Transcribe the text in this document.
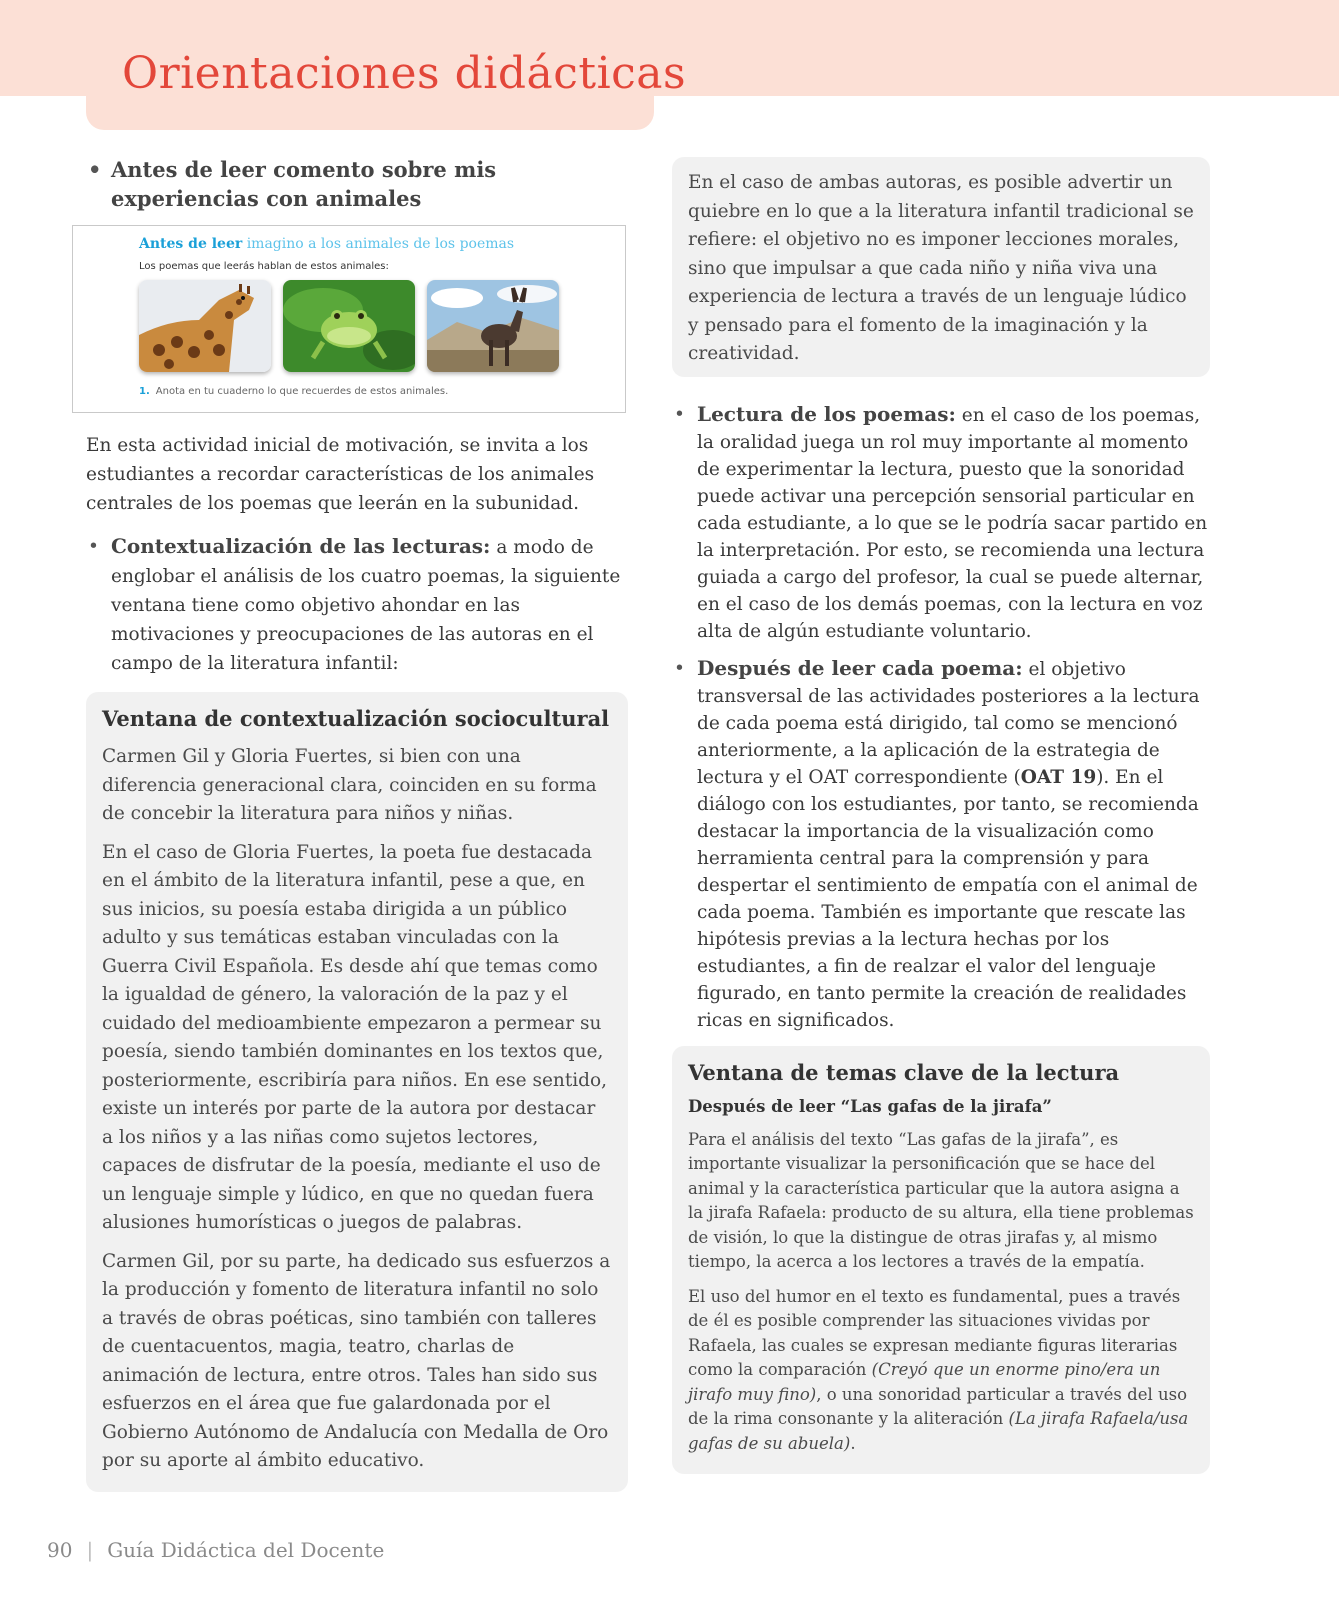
Orientaciones didácticas

• Antes de leer comento sobre mis experiencias con animales

Antes de leer imagino a los animales de los poemas
Los poemas que leerás hablan de estos animales:
1. Anota en tu cuaderno lo que recuerdes de estos animales.

En esta actividad inicial de motivación, se invita a los estudiantes a recordar características de los animales centrales de los poemas que leerán en la subunidad.

• Contextualización de las lecturas: a modo de englobar el análisis de los cuatro poemas, la siguiente ventana tiene como objetivo ahondar en las motivaciones y preocupaciones de las autoras en el campo de la literatura infantil:

Ventana de contextualización sociocultural

Carmen Gil y Gloria Fuertes, si bien con una diferencia generacional clara, coinciden en su forma de concebir la literatura para niños y niñas.

En el caso de Gloria Fuertes, la poeta fue destacada en el ámbito de la literatura infantil, pese a que, en sus inicios, su poesía estaba dirigida a un público adulto y sus temáticas estaban vinculadas con la Guerra Civil Española. Es desde ahí que temas como la igualdad de género, la valoración de la paz y el cuidado del medioambiente empezaron a permear su poesía, siendo también dominantes en los textos que, posteriormente, escribiría para niños. En ese sentido, existe un interés por parte de la autora por destacar a los niños y a las niñas como sujetos lectores, capaces de disfrutar de la poesía, mediante el uso de un lenguaje simple y lúdico, en que no quedan fuera alusiones humorísticas o juegos de palabras.

Carmen Gil, por su parte, ha dedicado sus esfuerzos a la producción y fomento de literatura infantil no solo a través de obras poéticas, sino también con talleres de cuentacuentos, magia, teatro, charlas de animación de lectura, entre otros. Tales han sido sus esfuerzos en el área que fue galardonada por el Gobierno Autónomo de Andalucía con Medalla de Oro por su aporte al ámbito educativo.

En el caso de ambas autoras, es posible advertir un quiebre en lo que a la literatura infantil tradicional se refiere: el objetivo no es imponer lecciones morales, sino que impulsar a que cada niño y niña viva una experiencia de lectura a través de un lenguaje lúdico y pensado para el fomento de la imaginación y la creatividad.

• Lectura de los poemas: en el caso de los poemas, la oralidad juega un rol muy importante al momento de experimentar la lectura, puesto que la sonoridad puede activar una percepción sensorial particular en cada estudiante, a lo que se le podría sacar partido en la interpretación. Por esto, se recomienda una lectura guiada a cargo del profesor, la cual se puede alternar, en el caso de los demás poemas, con la lectura en voz alta de algún estudiante voluntario.

• Después de leer cada poema: el objetivo transversal de las actividades posteriores a la lectura de cada poema está dirigido, tal como se mencionó anteriormente, a la aplicación de la estrategia de lectura y el OAT correspondiente (OAT 19). En el diálogo con los estudiantes, por tanto, se recomienda destacar la importancia de la visualización como herramienta central para la comprensión y para despertar el sentimiento de empatía con el animal de cada poema. También es importante que rescate las hipótesis previas a la lectura hechas por los estudiantes, a fin de realzar el valor del lenguaje figurado, en tanto permite la creación de realidades ricas en significados.

Ventana de temas clave de la lectura

Después de leer “Las gafas de la jirafa”

Para el análisis del texto “Las gafas de la jirafa”, es importante visualizar la personificación que se hace del animal y la característica particular que la autora asigna a la jirafa Rafaela: producto de su altura, ella tiene problemas de visión, lo que la distingue de otras jirafas y, al mismo tiempo, la acerca a los lectores a través de la empatía.

El uso del humor en el texto es fundamental, pues a través de él es posible comprender las situaciones vividas por Rafaela, las cuales se expresan mediante figuras literarias como la comparación (Creyó que un enorme pino/era un jirafo muy fino), o una sonoridad particular a través del uso de la rima consonante y la aliteración (La jirafa Rafaela/usa gafas de su abuela).

90 | Guía Didáctica del Docente
